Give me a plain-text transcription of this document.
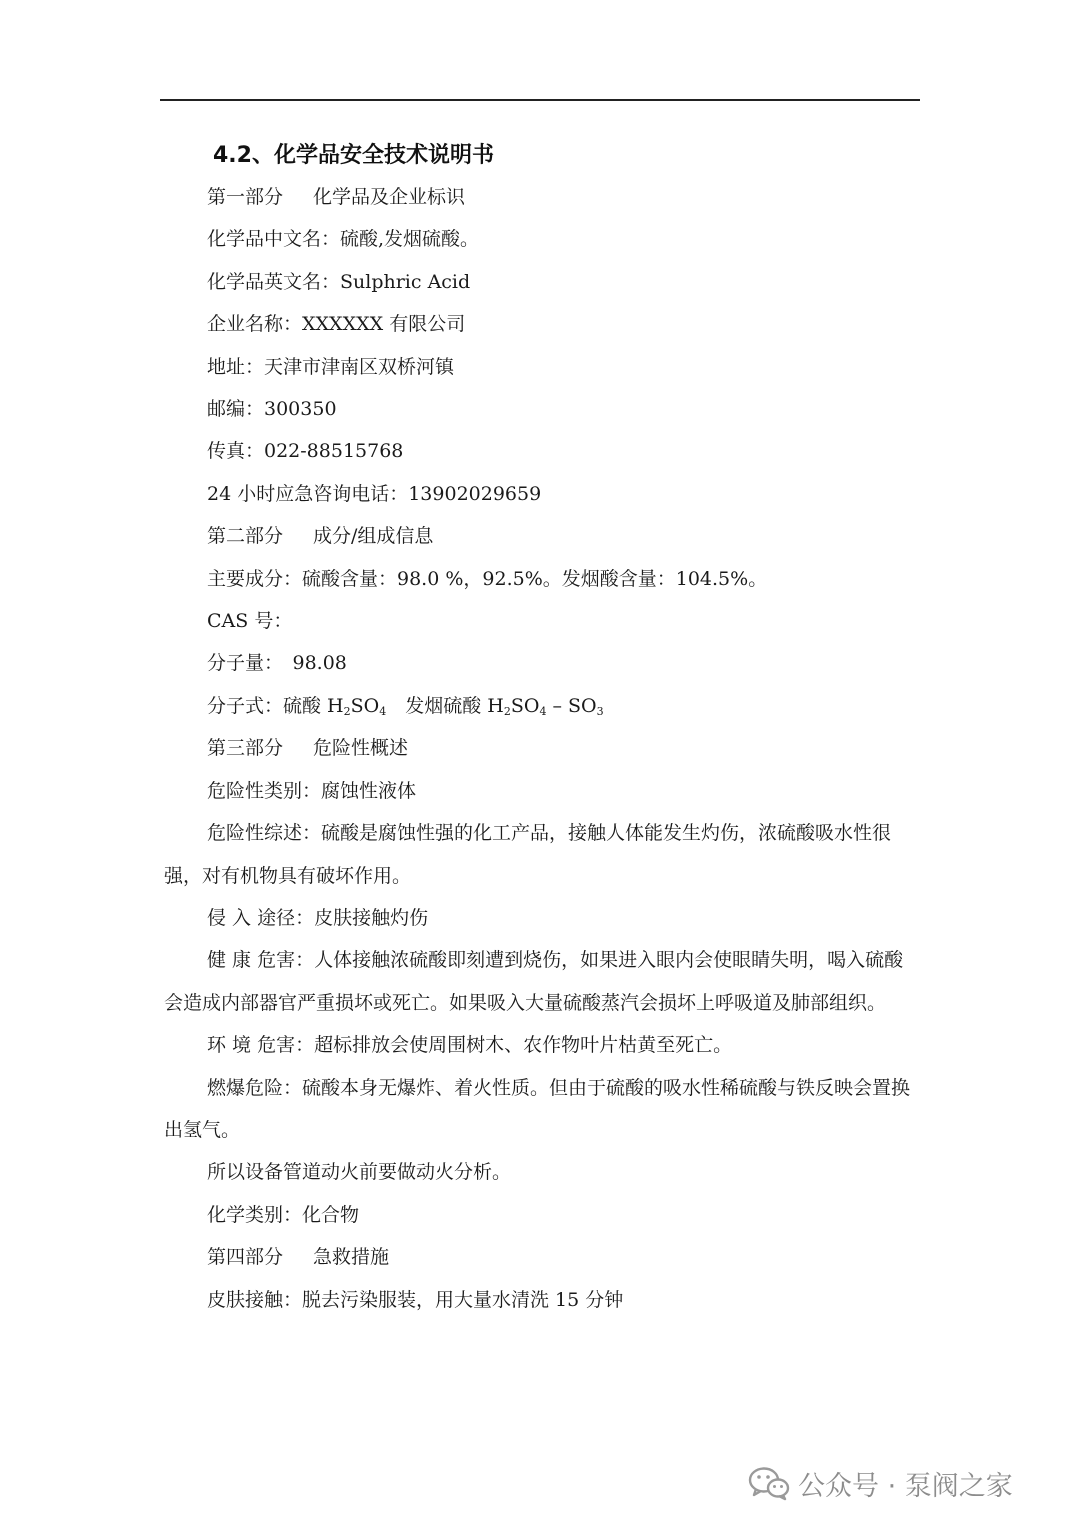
4.2、化学品安全技术说明书

第一部分 化学品及企业标识

化学品中文名：硫酸,发烟硫酸。

化学品英文名：Sulphric Acid

企业名称：XXXXXX 有限公司

地址：天津市津南区双桥河镇

邮编：300350

传真：022-88515768

24 小时应急咨询电话：13902029659

第二部分 成分/组成信息

主要成分：硫酸含量：98.0 %，92.5%。发烟酸含量：104.5%。

CAS 号：

分子量：　98.08

分子式：硫酸 $H_2SO_4$　发烟硫酸 $H_2SO_4 - SO_3$

第三部分 危险性概述

危险性类别：腐蚀性液体

危险性综述：硫酸是腐蚀性强的化工产品，接触人体能发生灼伤，浓硫酸吸水性很强，对有机物具有破坏作用。

侵 入 途径：皮肤接触灼伤

健 康 危害：人体接触浓硫酸即刻遭到烧伤，如果进入眼内会使眼睛失明，喝入硫酸会造成内部器官严重损坏或死亡。如果吸入大量硫酸蒸汽会损坏上呼吸道及肺部组织。

环 境 危害：超标排放会使周围树木、农作物叶片枯黄至死亡。

燃爆危险：硫酸本身无爆炸、着火性质。但由于硫酸的吸水性稀硫酸与铁反映会置换出氢气。

所以设备管道动火前要做动火分析。

化学类别：化合物

第四部分 急救措施

皮肤接触：脱去污染服装，用大量水清洗 15 分钟

公众号 · 泵阀之家
